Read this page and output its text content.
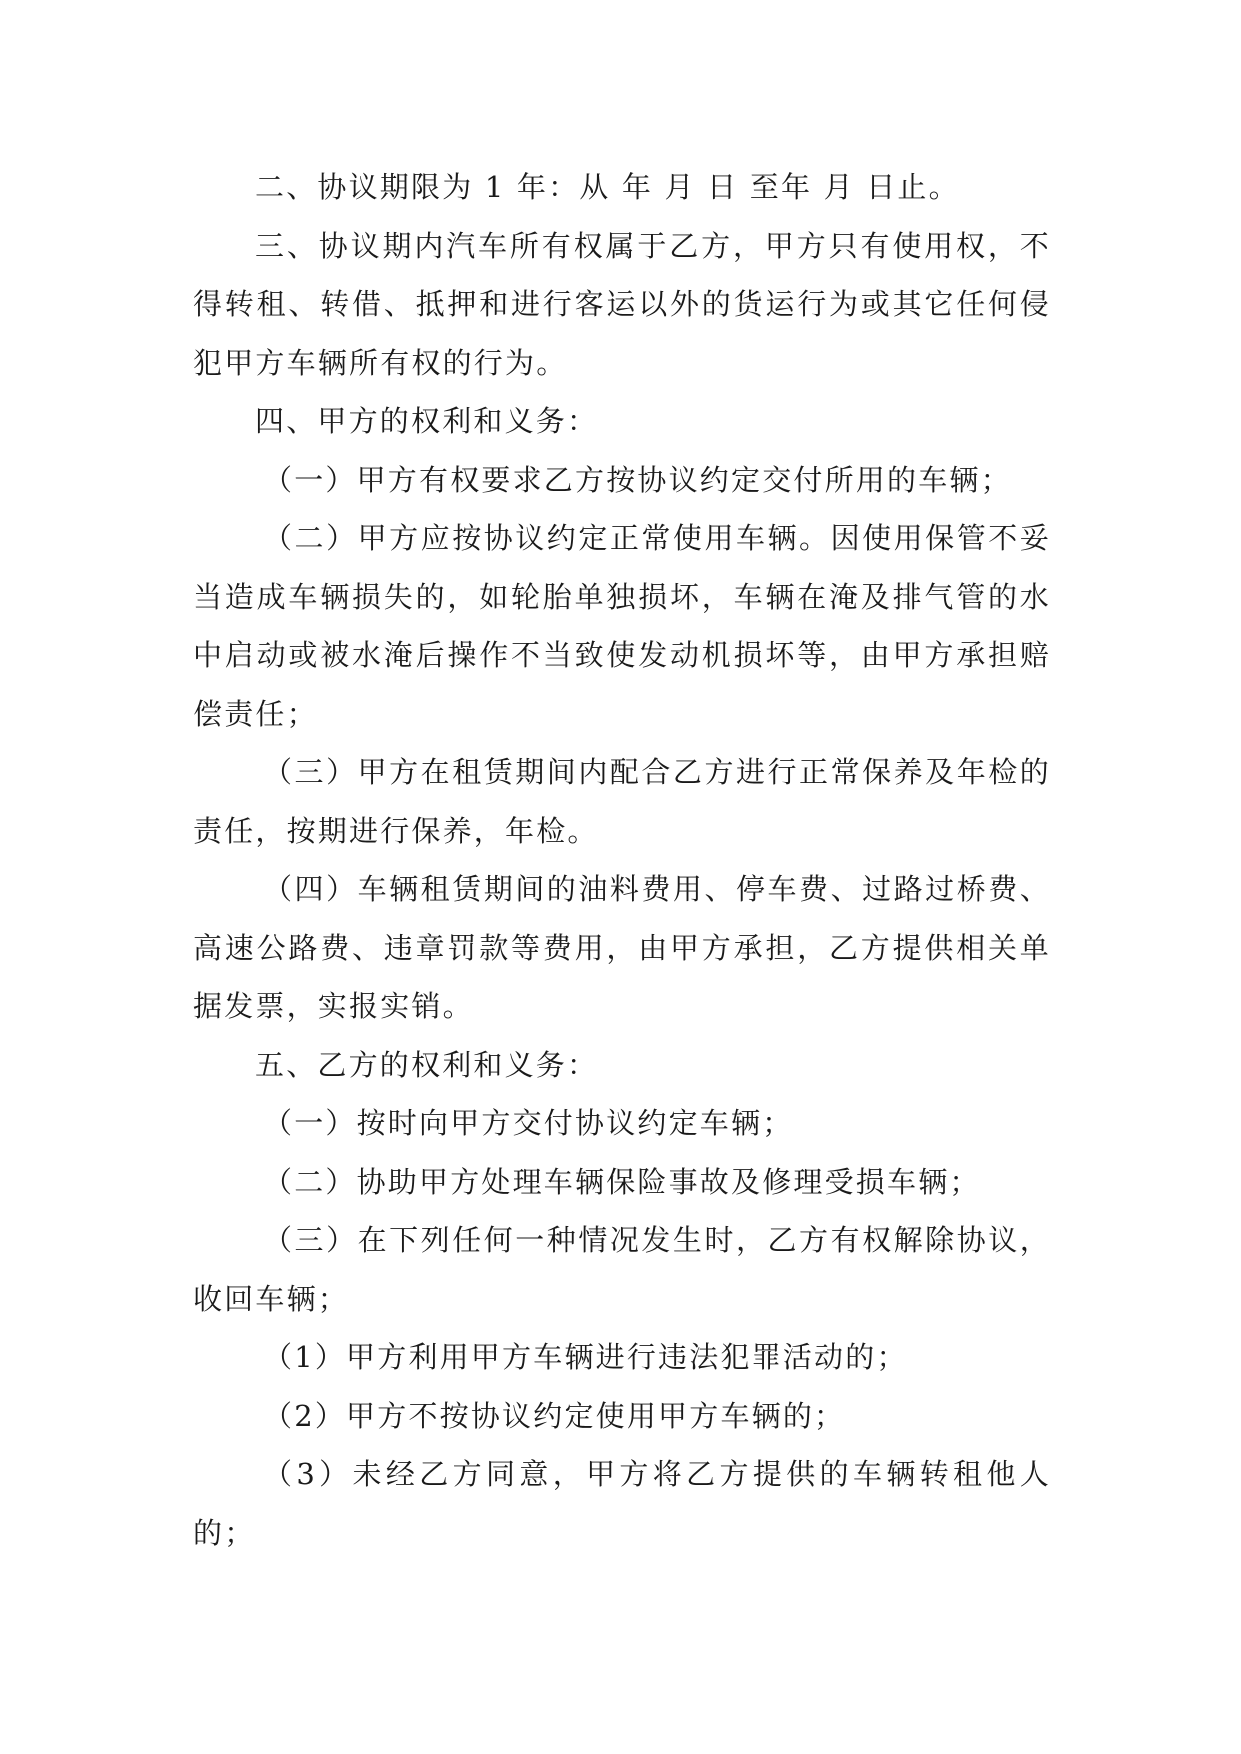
二、协议期限为 1 年：从 年 月 日 至年 月 日止。

三、协议期内汽车所有权属于乙方，甲方只有使用权，不得转租、转借、抵押和进行客运以外的货运行为或其它任何侵犯甲方车辆所有权的行为。

四、甲方的权利和义务：

（一）甲方有权要求乙方按协议约定交付所用的车辆；

（二）甲方应按协议约定正常使用车辆。因使用保管不妥当造成车辆损失的，如轮胎单独损坏，车辆在淹及排气管的水中启动或被水淹后操作不当致使发动机损坏等，由甲方承担赔偿责任；

（三）甲方在租赁期间内配合乙方进行正常保养及年检的责任，按期进行保养，年检。

（四）车辆租赁期间的油料费用、停车费、过路过桥费、高速公路费、违章罚款等费用，由甲方承担，乙方提供相关单据发票，实报实销。

五、乙方的权利和义务：

（一）按时向甲方交付协议约定车辆；

（二）协助甲方处理车辆保险事故及修理受损车辆；

（三）在下列任何一种情况发生时，乙方有权解除协议，收回车辆；

（1）甲方利用甲方车辆进行违法犯罪活动的；

（2）甲方不按协议约定使用甲方车辆的；

（3）未经乙方同意，甲方将乙方提供的车辆转租他人的；
